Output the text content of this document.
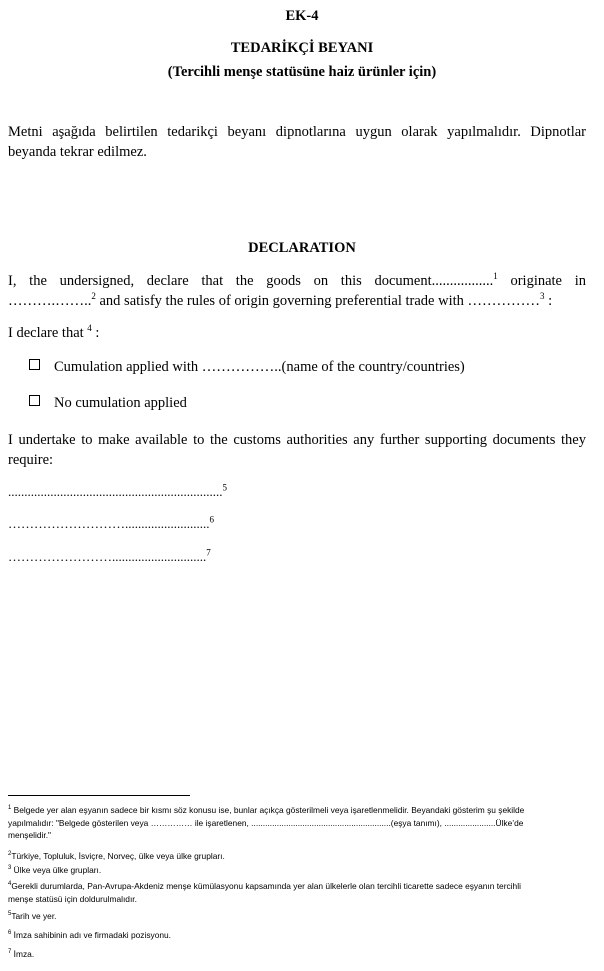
EK-4
TEDARİKÇİ BEYANI
(Tercihli menşe statüsüne haiz ürünler için)
Metni aşağıda belirtilen tedarikçi beyanı dipnotlarına uygun olarak yapılmalıdır. Dipnotlar
beyanda tekrar edilmez.
DECLARATION
I, the undersigned, declare that the goods on this document.................$^1$ originate in
……….……..$^2$ and satisfy the rules of origin governing preferential trade with ……………$^3$ :
I declare that $^4$ :
Cumulation applied with ……………..(name of the country/countries)
No cumulation applied
I undertake to make available to the customs authorities any further supporting documents they
require:
..................................................................$^5$
………………………..........................$^6$
…………………….............................$^7$
$^1$ Belgede yer alan eşyanın sadece bir kısmı söz konusu ise, bunlar açıkça gösterilmeli veya işaretlenmelidir. Beyandaki gösterim şu şekilde
yapılmalıdır: "Belgede gösterilen veya …………… ile işaretlenen, ............................................................(eşya tanımı), ......................Ülke’de
menşelidir."
$^2$Türkiye, Topluluk, İsviçre, Norveç, ülke veya ülke grupları.
$^3$ Ülke veya ülke grupları.
$^4$Gerekli durumlarda, Pan-Avrupa-Akdeniz menşe kümülasyonu kapsamında yer alan ülkelerle olan tercihli ticarette sadece eşyanın tercihli
menşe statüsü için doldurulmalıdır.
$^5$Tarih ve yer.
$^6$ İmza sahibinin adı ve firmadaki pozisyonu.
$^7$ İmza.
